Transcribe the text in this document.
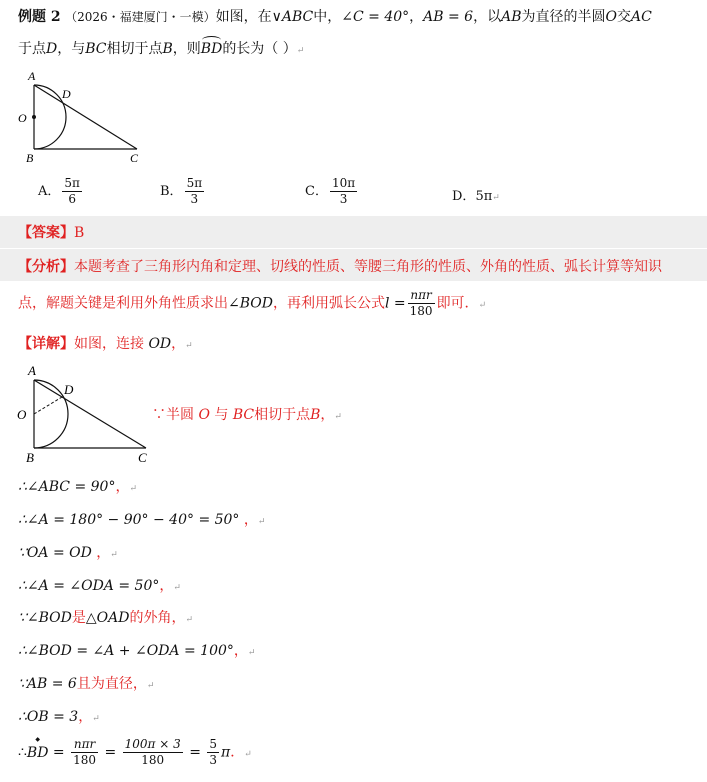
例题 2 （2026・福建厦门・一模）如图，在∨ABC中，∠C = 40°，AB = 6，以AB为直径的半圆O交AC
于点D，与BC相切于点B，则BD的长为（ ）↵
A
D
O
B	C
A． $\frac{5\pi}{6}$	B． $\frac{5\pi}{3}$	C． $\frac{10\pi}{3}$	D．5π↵
【答案】B
【分析】本题考查了三角形内角和定理、切线的性质、等腰三角形的性质、外角的性质、弧长计算等知识
点，解题关键是利用外角性质求出∠BOD，再利用弧长公式$l = \frac{\text{nπr}}{180}$ 即可．↵
【详解】如图，连接 OD，↵
A
D
O
B	C
∵半圆 O 与 BC相切于点B，↵
∴∠ABC = 90°，↵
∴∠A = 180° − 90° − 40° = 50° ，↵
∵OA = OD ，↵
∴∠A = ∠ODA = 50°，↵
∵∠BOD是△OAD的外角，↵
∴∠BOD = ∠A + ∠ODA = 100°，↵
∵AB = 6且为直径，↵
∴OB = 3，↵
∴◆ BD = $\frac{\text{nπr}}{180} = \frac{100\pi \times 3}{180} = \frac{5}{3}$ π．↵
